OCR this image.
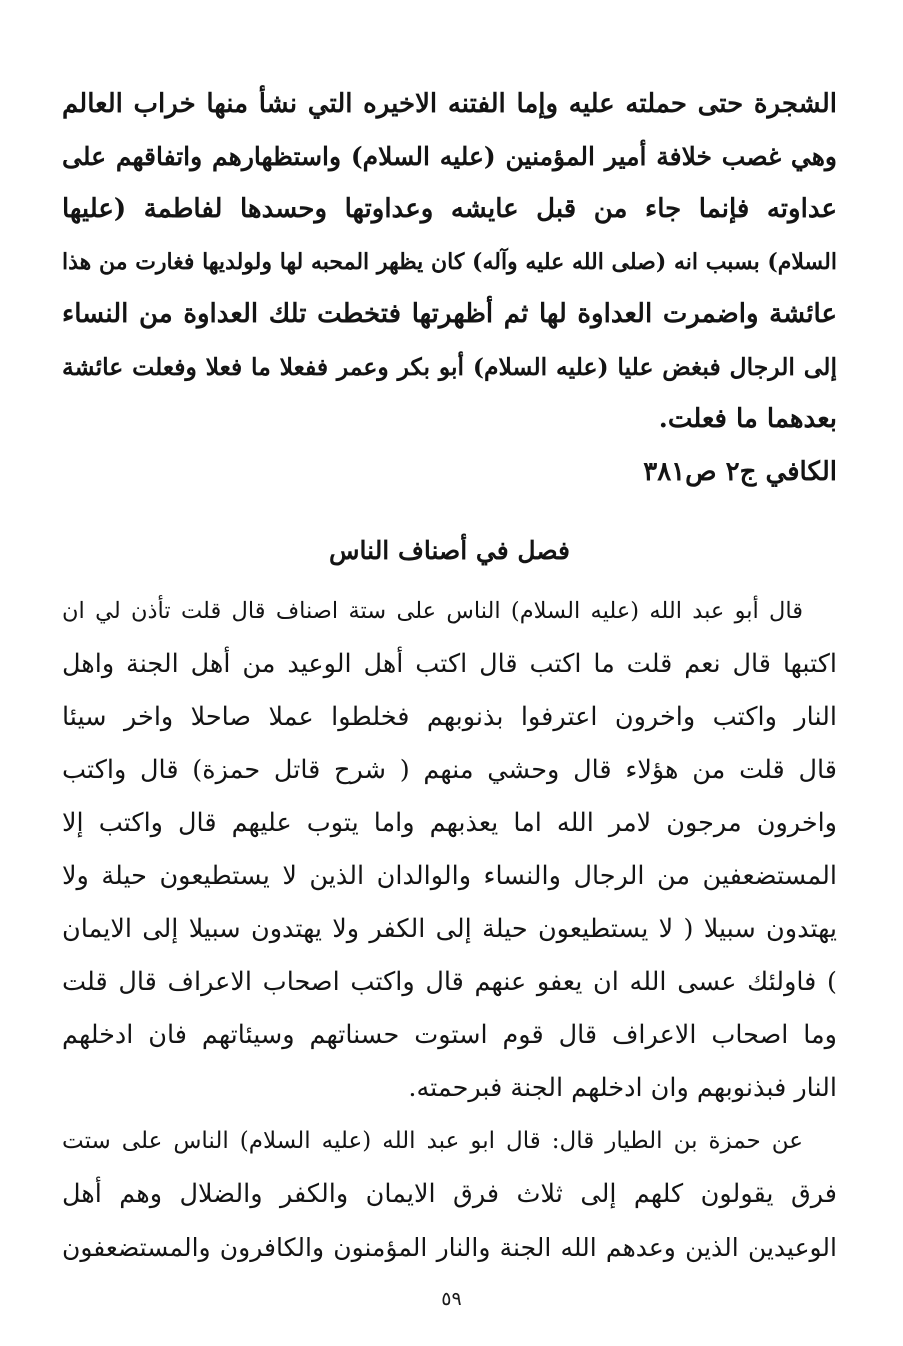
الشجرة حتى حملته عليه وإما الفتنه الاخيره التي نشأ منها خراب العالم
وهي غصب خلافة أمير المؤمنين (عليه السلام) واستظهارهم واتفاقهم على
عداوته فإنما جاء من قبل عايشه وعداوتها وحسدها لفاطمة (عليها
السلام) بسبب انه (صلى الله عليه وآله) كان يظهر المحبه لها ولولديها فغارت من هذا
عائشة واضمرت العداوة لها ثم أظهرتها فتخطت تلك العداوة من النساء
إلى الرجال فبغض عليا (عليه السلام) أبو بكر وعمر ففعلا ما فعلا وفعلت عائشة
بعدهما ما فعلت.
الكافي ج٢ ص٣٨١
فصل في أصناف الناس
قال أبو عبد الله (عليه السلام) الناس على ستة اصناف قال قلت تأذن لي ان
اكتبها قال نعم قلت ما اكتب قال اكتب أهل الوعيد من أهل الجنة واهل
النار واكتب واخرون اعترفوا بذنوبهم فخلطوا عملا صاحلا واخر سيئا
قال قلت من هؤلاء قال وحشي منهم ( شرح قاتل حمزة) قال واكتب
واخرون مرجون لامر الله اما يعذبهم واما يتوب عليهم قال واكتب إلا
المستضعفين من الرجال والنساء والوالدان الذين لا يستطيعون حيلة ولا
يهتدون سبيلا ( لا يستطيعون حيلة إلى الكفر ولا يهتدون سبيلا إلى الايمان
) فاولئك عسى الله ان يعفو عنهم قال واكتب اصحاب الاعراف قال قلت
وما اصحاب الاعراف قال قوم استوت حسناتهم وسيئاتهم فان ادخلهم
النار فبذنوبهم وان ادخلهم الجنة فبرحمته.
عن حمزة بن الطيار قال: قال ابو عبد الله (عليه السلام) الناس على ستت
فرق يقولون كلهم إلى ثلاث فرق الايمان والكفر والضلال وهم أهل
الوعيدين الذين وعدهم الله الجنة والنار المؤمنون والكافرون والمستضعفون
٥٩
